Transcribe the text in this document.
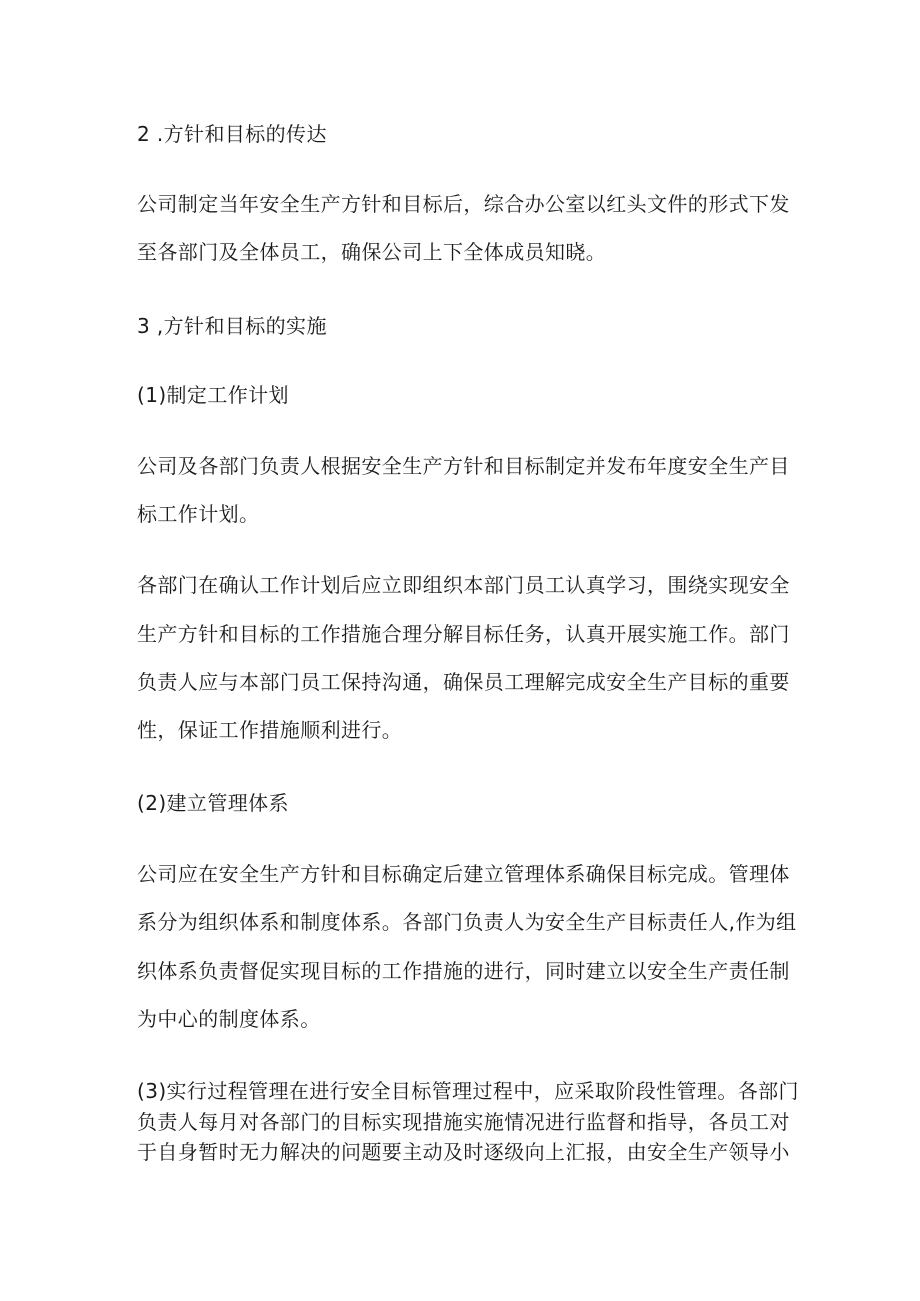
2 .方针和目标的传达
公司制定当年安全生产方针和目标后，综合办公室以红头文件的形式下发
至各部门及全体员工，确保公司上下全体成员知晓。
3 ,方针和目标的实施
(1)制定工作计划
公司及各部门负责人根据安全生产方针和目标制定并发布年度安全生产目
标工作计划。
各部门在确认工作计划后应立即组织本部门员工认真学习，围绕实现安全
生产方针和目标的工作措施合理分解目标任务，认真开展实施工作。部门
负责人应与本部门员工保持沟通，确保员工理解完成安全生产目标的重要
性，保证工作措施顺利进行。
(2)建立管理体系
公司应在安全生产方针和目标确定后建立管理体系确保目标完成。管理体
系分为组织体系和制度体系。各部门负责人为安全生产目标责任人,作为组
织体系负责督促实现目标的工作措施的进行，同时建立以安全生产责任制
为中心的制度体系。
(3)实行过程管理在进行安全目标管理过程中，应采取阶段性管理。各部门
负责人每月对各部门的目标实现措施实施情况进行监督和指导，各员工对
于自身暂时无力解决的问题要主动及时逐级向上汇报，由安全生产领导小
